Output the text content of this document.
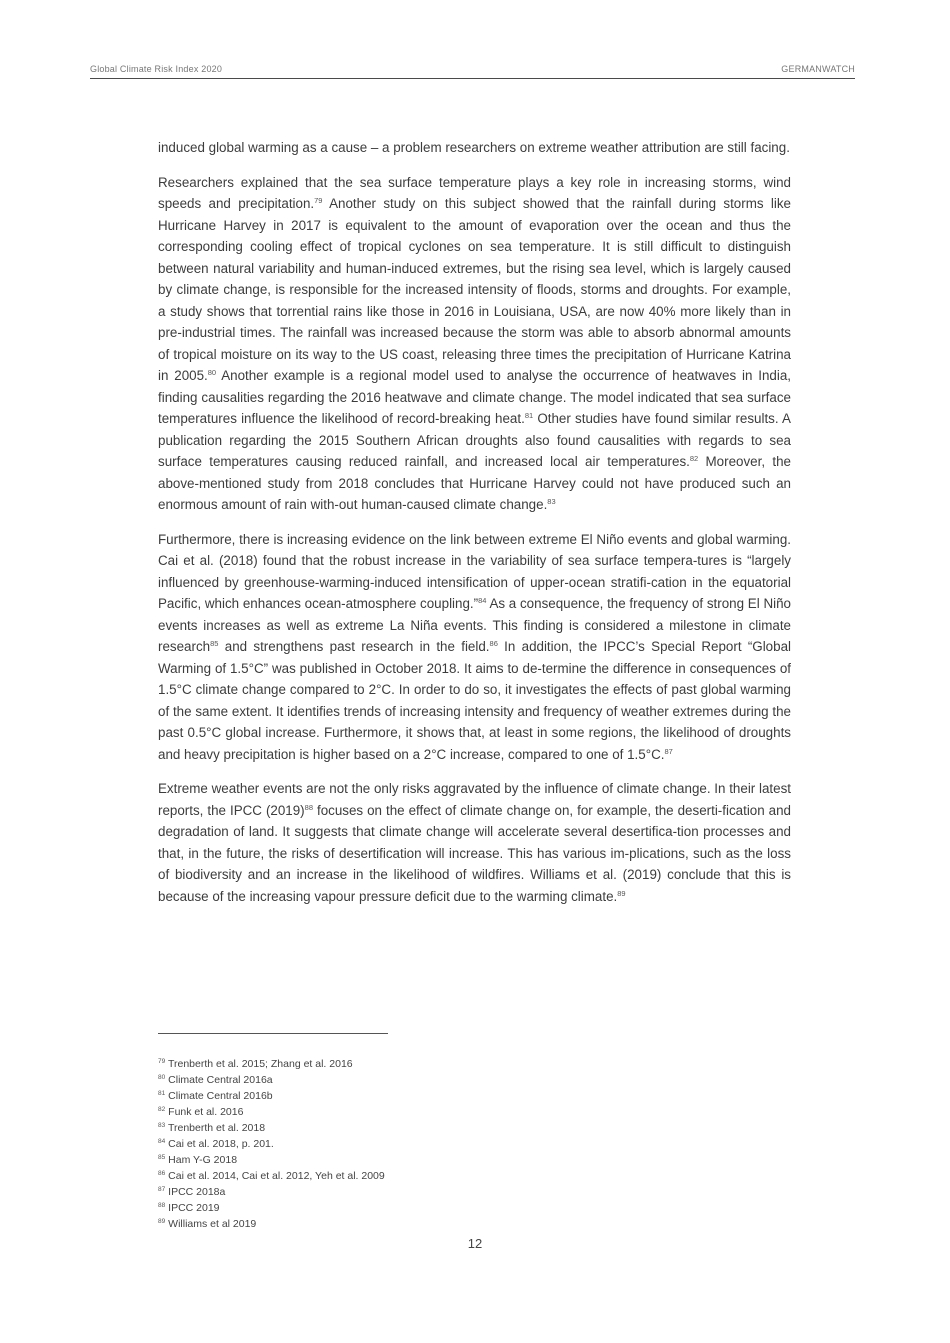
Global Climate Risk Index 2020	GERMANWATCH

induced global warming as a cause – a problem researchers on extreme weather attribution are still facing.

Researchers explained that the sea surface temperature plays a key role in increasing storms, wind speeds and precipitation.$^{79}$ Another study on this subject showed that the rainfall during storms like Hurricane Harvey in 2017 is equivalent to the amount of evaporation over the ocean and thus the corresponding cooling effect of tropical cyclones on sea temperature. It is still difficult to distinguish between natural variability and human-induced extremes, but the rising sea level, which is largely caused by climate change, is responsible for the increased intensity of floods, storms and droughts. For example, a study shows that torrential rains like those in 2016 in Louisiana, USA, are now 40% more likely than in pre-industrial times. The rainfall was increased because the storm was able to absorb abnormal amounts of tropical moisture on its way to the US coast, releasing three times the precipitation of Hurricane Katrina in 2005.80 Another example is a regional model used to analyse the occurrence of heatwaves in India, finding causalities regarding the 2016 heatwave and climate change. The model indicated that sea surface temperatures influence the likelihood of record-breaking heat.$^{81}$ Other studies have found similar results. A publication regarding the 2015 Southern African droughts also found causalities with regards to sea surface temperatures causing reduced rainfall, and increased local air temperatures.$^{82}$ Moreover, the above-mentioned study from 2018 concludes that Hurricane Harvey could not have produced such an enormous amount of rain with-out human-caused climate change.$^{83}$

Furthermore, there is increasing evidence on the link between extreme El Niño events and global warming. Cai et al. (2018) found that the robust increase in the variability of sea surface tempera-tures is “largely influenced by greenhouse-warming-induced intensification of upper-ocean stratifi-cation in the equatorial Pacific, which enhances ocean-atmosphere coupling.”$^{84}$ As a consequence, the frequency of strong El Niño events increases as well as extreme La Niña events. This finding is considered a milestone in climate research$^{85}$ and strengthens past research in the field.$^{86}$ In addition, the IPCC’s Special Report “Global Warming of 1.5°C” was published in October 2018. It aims to de-termine the difference in consequences of 1.5°C climate change compared to 2°C. In order to do so, it investigates the effects of past global warming of the same extent. It identifies trends of increasing intensity and frequency of weather extremes during the past 0.5°C global increase. Furthermore, it shows that, at least in some regions, the likelihood of droughts and heavy precipitation is higher based on a 2°C increase, compared to one of 1.5°C.$^{87}$

Extreme weather events are not the only risks aggravated by the influence of climate change. In their latest reports, the IPCC $(2019)^{88}$ focuses on the effect of climate change on, for example, the deserti-fication and degradation of land. It suggests that climate change will accelerate several desertifica-tion processes and that, in the future, the risks of desertification will increase. This has various im-plications, such as the loss of biodiversity and an increase in the likelihood of wildfires. Williams et al. (2019) conclude that this is because of the increasing vapour pressure deficit due to the warming climate.$^{89}$

$^{79}$ Trenberth et al. 2015; Zhang et al. 2016
$^{80}$ Climate Central 2016a
$^{81}$ Climate Central 2016b
$^{82}$ Funk et al. 2016
$^{83}$ Trenberth et al. 2018
$^{84}$ Cai et al. 2018, p. 201.
$^{85}$ Ham Y-G 2018
$^{86}$ Cai et al. 2014, Cai et al. 2012, Yeh et al. 2009
$^{87}$ IPCC 2018a
$^{88}$ IPCC 2019
$^{89}$ Williams et al 2019
12
